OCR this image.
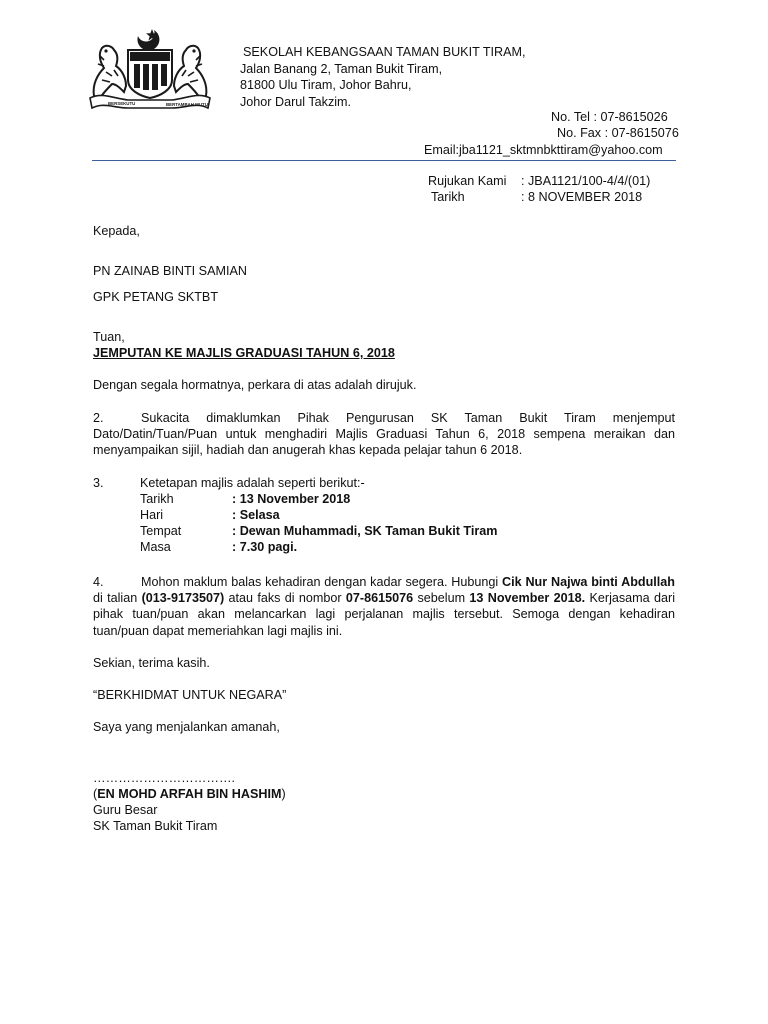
BERSEKUTU	BERTAMBAH MUTU
SEKOLAH KEBANGSAAN TAMAN BUKIT TIRAM,
Jalan Banang 2, Taman Bukit Tiram,
81800 Ulu Tiram, Johor Bahru,
Johor Darul Takzim.
No. Tel : 07-8615026
No. Fax : 07-8615076
Email:jba1121_sktmnbkttiram@yahoo.com
Rujukan Kami : JBA1121/100-4/4/(01)
Tarikh	: 8 NOVEMBER 2018
Kepada,
PN ZAINAB BINTI SAMIAN
GPK PETANG SKTBT
Tuan,
JEMPUTAN KE MAJLIS GRADUASI TAHUN 6, 2018
Dengan segala hormatnya, perkara di atas adalah dirujuk.
2.	Sukacita dimaklumkan Pihak Pengurusan SK Taman Bukit Tiram menjemput Dato/Datin/Tuan/Puan untuk menghadiri Majlis Graduasi Tahun 6, 2018 sempena meraikan dan menyampaikan sijil, hadiah dan anugerah khas kepada pelajar tahun 6 2018.
3.	Ketetapan majlis adalah seperti berikut:-
Tarikh	: 13 November 2018
Hari	: Selasa
Tempat	: Dewan Muhammadi, SK Taman Bukit Tiram
Masa	: 7.30 pagi.
4.	Mohon maklum balas kehadiran dengan kadar segera. Hubungi Cik Nur Najwa binti Abdullah di talian (013-9173507) atau faks di nombor 07-8615076 sebelum 13 November 2018. Kerjasama dari pihak tuan/puan akan melancarkan lagi perjalanan majlis tersebut. Semoga dengan kehadiran tuan/puan dapat memeriahkan lagi majlis ini.
Sekian, terima kasih.
“BERKHIDMAT UNTUK NEGARA”
Saya yang menjalankan amanah,
…………………………….
(EN MOHD ARFAH BIN HASHIM)
Guru Besar
SK Taman Bukit Tiram
